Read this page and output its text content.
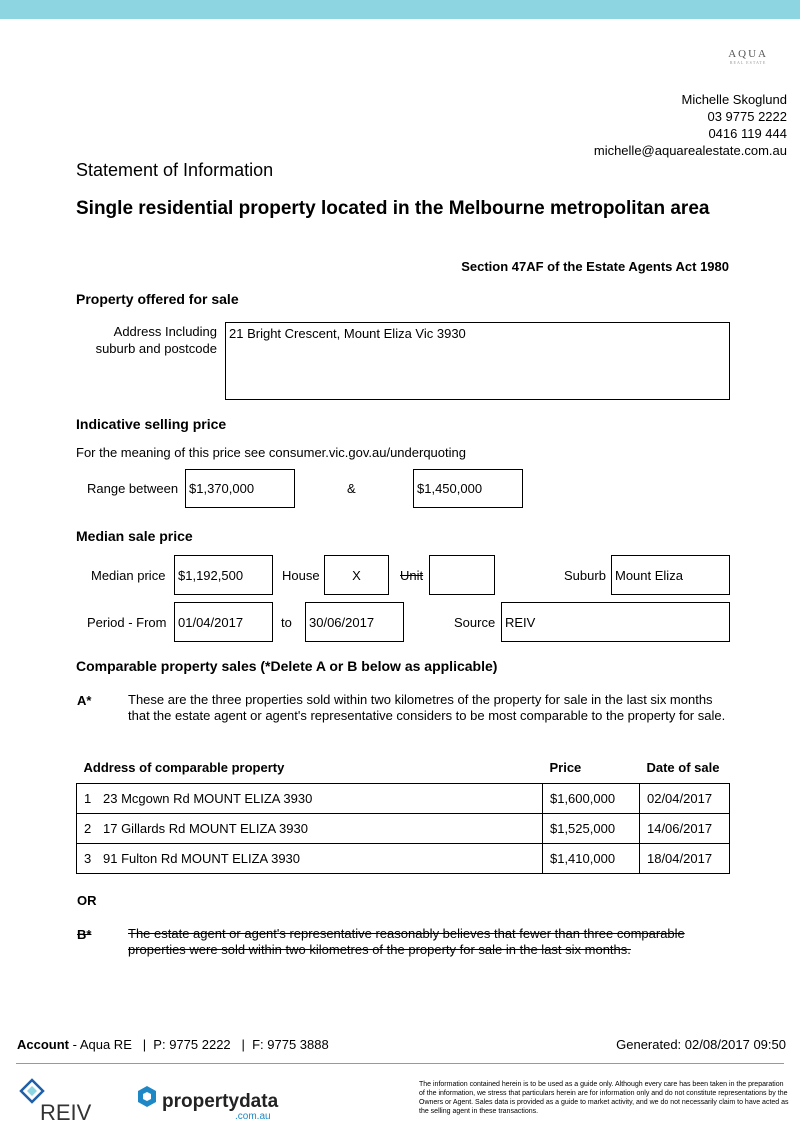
AQUA
REAL ESTATE
Michelle Skoglund
03 9775 2222
0416 119 444
michelle@aquarealestate.com.au
Statement of Information
Single residential property located in the Melbourne metropolitan area
Section 47AF of the Estate Agents Act 1980
Property offered for sale
Address Including suburb and postcode
21 Bright Crescent, Mount Eliza Vic 3930
Indicative selling price
For the meaning of this price see consumer.vic.gov.au/underquoting
Range between $1,370,000	&	$1,450,000
Median sale price
Median price $1,192,500	House	X	Unit	Suburb Mount Eliza
Period - From 01/04/2017	to	30/06/2017	Source REIV
Comparable property sales (*Delete A or B below as applicable)
A*	These are the three properties sold within two kilometres of the property for sale in the last six months that the estate agent or agent's representative considers to be most comparable to the property for sale.
Address of comparable property		Price	Date of sale
1	23 Mcgown Rd MOUNT ELIZA 3930	$1,600,000	02/04/2017
2	17 Gillards Rd MOUNT ELIZA 3930	$1,525,000	14/06/2017
3	91 Fulton Rd MOUNT ELIZA 3930	$1,410,000	18/04/2017
OR
B*	The estate agent or agent's representative reasonably believes that fewer than three comparable properties were sold within two kilometres of the property for sale in the last six months.
Account - Aqua RE   |  P: 9775 2222   |  F: 9775 3888	Generated: 02/08/2017 09:50
REIV	propertydata
.com.au
The information contained herein is to be used as a guide only. Although every care has been taken in the preparation of the information, we stress that particulars herein are for information only and do not constitute representations by the Owners or Agent. Sales data is provided as a guide to market activity, and we do not necessarily claim to have acted as the selling agent in these transactions.
